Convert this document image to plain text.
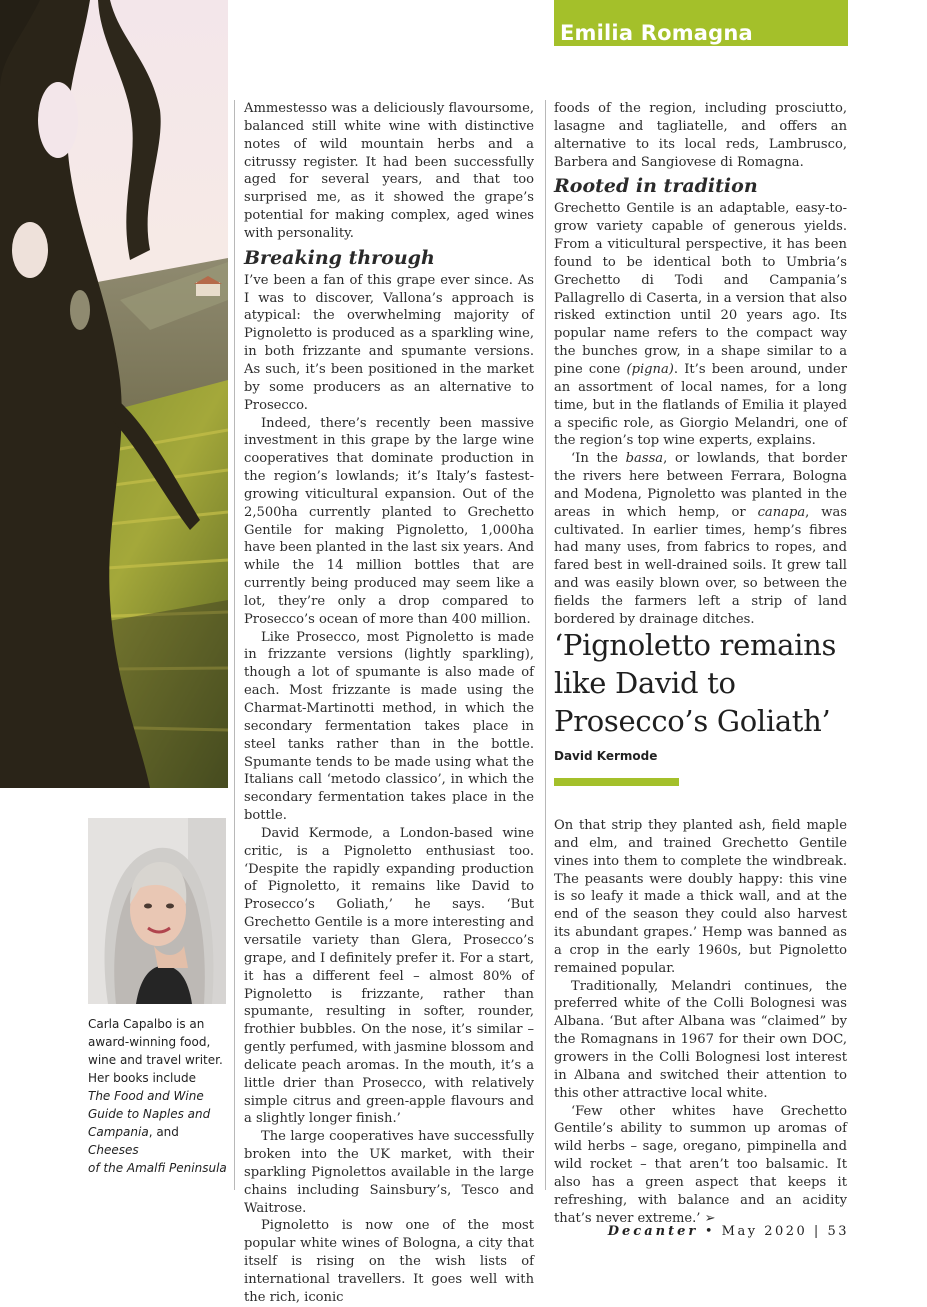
Emilia Romagna

Ammestesso was a deliciously flavoursome, balanced still white wine with distinctive notes of wild mountain herbs and a citrussy register. It had been successfully aged for several years, and that too surprised me, as it showed the grape’s potential for making complex, aged wines with personality.

Breaking through

I’ve been a fan of this grape ever since. As I was to discover, Vallona’s approach is atypical: the overwhelming majority of Pignoletto is produced as a sparkling wine, in both frizzante and spumante versions. As such, it’s been positioned in the market by some producers as an alternative to Prosecco.

Indeed, there’s recently been massive investment in this grape by the large wine cooperatives that dominate production in the region’s lowlands; it’s Italy’s fastest-growing viticultural expansion. Out of the 2,500ha currently planted to Grechetto Gentile for making Pignoletto, 1,000ha have been planted in the last six years. And while the 14 million bottles that are currently being produced may seem like a lot, they’re only a drop compared to Prosecco’s ocean of more than 400 million.

Like Prosecco, most Pignoletto is made in frizzante versions (lightly sparkling), though a lot of spumante is also made of each. Most frizzante is made using the Charmat-Martinotti method, in which the secondary fermentation takes place in steel tanks rather than in the bottle. Spumante tends to be made using what the Italians call ‘metodo classico’, in which the secondary fermentation takes place in the bottle.

David Kermode, a London-based wine critic, is a Pignoletto enthusiast too. ‘Despite the rapidly expanding production of Pignoletto, it remains like David to Prosecco’s Goliath,’ he says. ‘But Grechetto Gentile is a more interesting and versatile variety than Glera, Prosecco’s grape, and I definitely prefer it. For a start, it has a different feel – almost 80% of Pignoletto is frizzante, rather than spumante, resulting in softer, rounder, frothier bubbles. On the nose, it’s similar – gently perfumed, with jasmine blossom and delicate peach aromas. In the mouth, it’s a little drier than Prosecco, with relatively simple citrus and green-apple flavours and a slightly longer finish.’

The large cooperatives have successfully broken into the UK market, with their sparkling Pignolettos available in the large chains including Sainsbury’s, Tesco and Waitrose.

Pignoletto is now one of the most popular white wines of Bologna, a city that itself is rising on the wish lists of international travellers. It goes well with the rich, iconic

foods of the region, including prosciutto, lasagne and tagliatelle, and offers an alternative to its local reds, Lambrusco, Barbera and Sangiovese di Romagna.

Rooted in tradition

Grechetto Gentile is an adaptable, easy-to-grow variety capable of generous yields. From a viticultural perspective, it has been found to be identical both to Umbria’s Grechetto di Todi and Campania’s Pallagrello di Caserta, in a version that also risked extinction until 20 years ago. Its popular name refers to the compact way the bunches grow, in a shape similar to a pine cone (pigna). It’s been around, under an assortment of local names, for a long time, but in the flatlands of Emilia it played a specific role, as Giorgio Melandri, one of the region’s top wine experts, explains.

‘In the bassa, or lowlands, that border the rivers here between Ferrara, Bologna and Modena, Pignoletto was planted in the areas in which hemp, or canapa, was cultivated. In earlier times, hemp’s fibres had many uses, from fabrics to ropes, and fared best in well-drained soils. It grew tall and was easily blown over, so between the fields the farmers left a strip of land bordered by drainage ditches.

‘Pignoletto remains like David to Prosecco’s Goliath’
David Kermode

On that strip they planted ash, field maple and elm, and trained Grechetto Gentile vines into them to complete the windbreak. The peasants were doubly happy: this vine is so leafy it made a thick wall, and at the end of the season they could also harvest its abundant grapes.’ Hemp was banned as a crop in the early 1960s, but Pignoletto remained popular.

Traditionally, Melandri continues, the preferred white of the Colli Bolognesi was Albana. ‘But after Albana was “claimed” by the Romagnans in 1967 for their own DOC, growers in the Colli Bolognesi lost interest in Albana and switched their attention to this other attractive local white.

‘Few other whites have Grechetto Gentile’s ability to summon up aromas of wild herbs – sage, oregano, pimpinella and wild rocket – that aren’t too balsamic. It also has a green aspect that keeps it refreshing, with balance and an acidity that’s never extreme.’ ➢

Carla Capalbo is an
award-winning food,
wine and travel writer.
Her books include
The Food and Wine
Guide to Naples and
Campania, and Cheeses
of the Amalfi Peninsula
Decanter • May 2020 | 53
